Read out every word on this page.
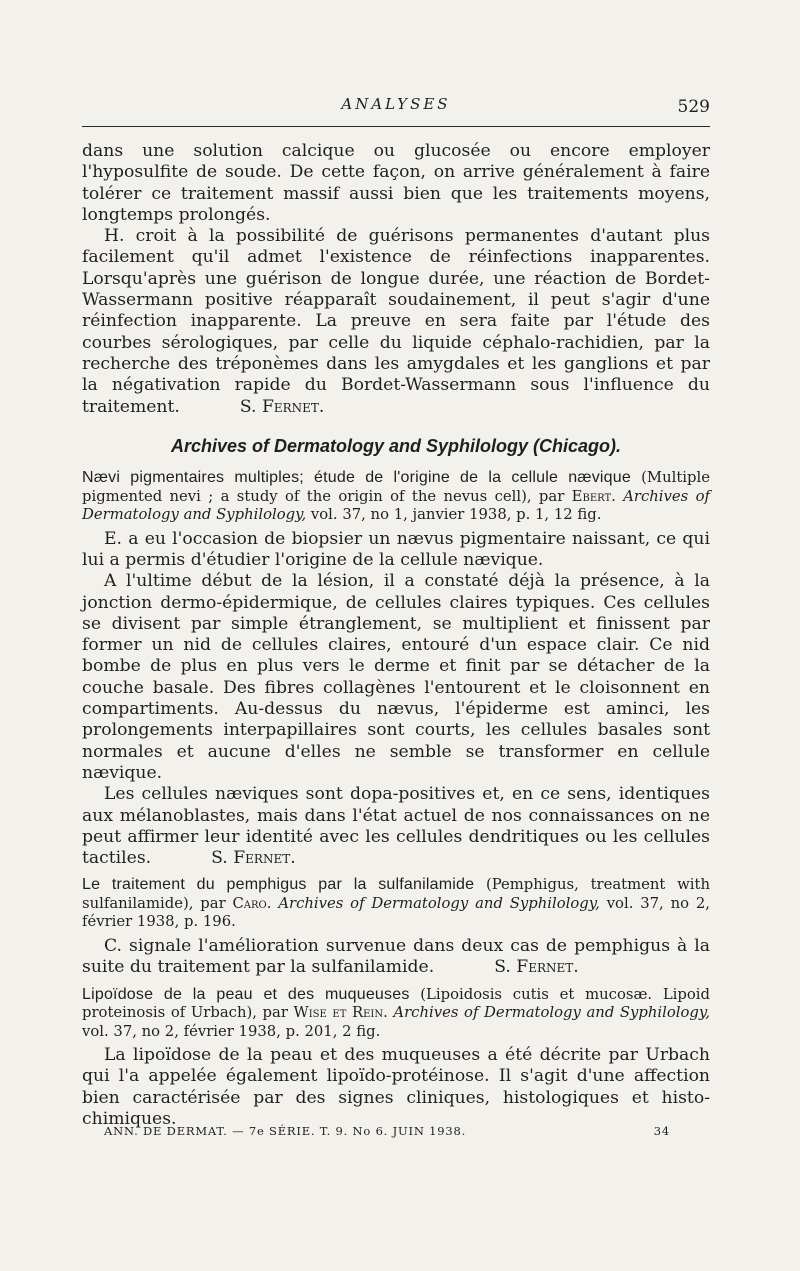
ANALYSES	529

dans une solution calcique ou glucosée ou encore employer l'hyposulfite de soude. De cette façon, on arrive généralement à faire tolérer ce traitement massif aussi bien que les traitements moyens, longtemps prolongés.

H. croit à la possibilité de guérisons permanentes d'autant plus facilement qu'il admet l'existence de réinfections inapparentes. Lorsqu'après une guérison de longue durée, une réaction de Bordet-Wassermann positive réapparaît soudainement, il peut s'agir d'une réinfection inapparente. La preuve en sera faite par l'étude des courbes sérologiques, par celle du liquide céphalo-rachidien, par la recherche des tréponèmes dans les amygdales et les ganglions et par la négativation rapide du Bordet-Wassermann sous l'influence du traitement.	S. Fernet.

Archives of Dermatology and Syphilology (Chicago).
Nævi pigmentaires multiples; étude de l'origine de la cellule nævique (Multiple pigmented nevi ; a study of the origin of the nevus cell), par Ebert. Archives of Dermatology and Syphilology, vol. 37, no 1, janvier 1938, p. 1, 12 fig.

E. a eu l'occasion de biopsier un nævus pigmentaire naissant, ce qui lui a permis d'étudier l'origine de la cellule nævique.

A l'ultime début de la lésion, il a constaté déjà la présence, à la jonction dermo-épidermique, de cellules claires typiques. Ces cellules se divisent par simple étranglement, se multiplient et finissent par former un nid de cellules claires, entouré d'un espace clair. Ce nid bombe de plus en plus vers le derme et finit par se détacher de la couche basale. Des fibres collagènes l'entourent et le cloisonnent en compartiments. Au-dessus du nævus, l'épiderme est aminci, les prolongements interpapillaires sont courts, les cellules basales sont normales et aucune d'elles ne semble se transformer en cellule nævique.

Les cellules næviques sont dopa-positives et, en ce sens, identiques aux mélanoblastes, mais dans l'état actuel de nos connaissances on ne peut affirmer leur identité avec les cellules dendritiques ou les cellules tactiles.	S. Fernet.

Le traitement du pemphigus par la sulfanilamide (Pemphigus, treatment with sulfanilamide), par Caro. Archives of Dermatology and Syphilology, vol. 37, no 2, février 1938, p. 196.

C. signale l'amélioration survenue dans deux cas de pemphigus à la suite du traitement par la sulfanilamide.	S. Fernet.

Lipoïdose de la peau et des muqueuses (Lipoidosis cutis et mucosæ. Lipoid proteinosis of Urbach), par Wise et Rein. Archives of Dermatology and Syphilology, vol. 37, no 2, février 1938, p. 201, 2 fig.

La lipoïdose de la peau et des muqueuses a été décrite par Urbach qui l'a appelée également lipoïdo-protéinose. Il s'agit d'une affection bien caractérisée par des signes cliniques, histologiques et histo-chimiques.

ANN. DE DERMAT. — 7e SÉRIE. T. 9. No 6. JUIN 1938.	34
